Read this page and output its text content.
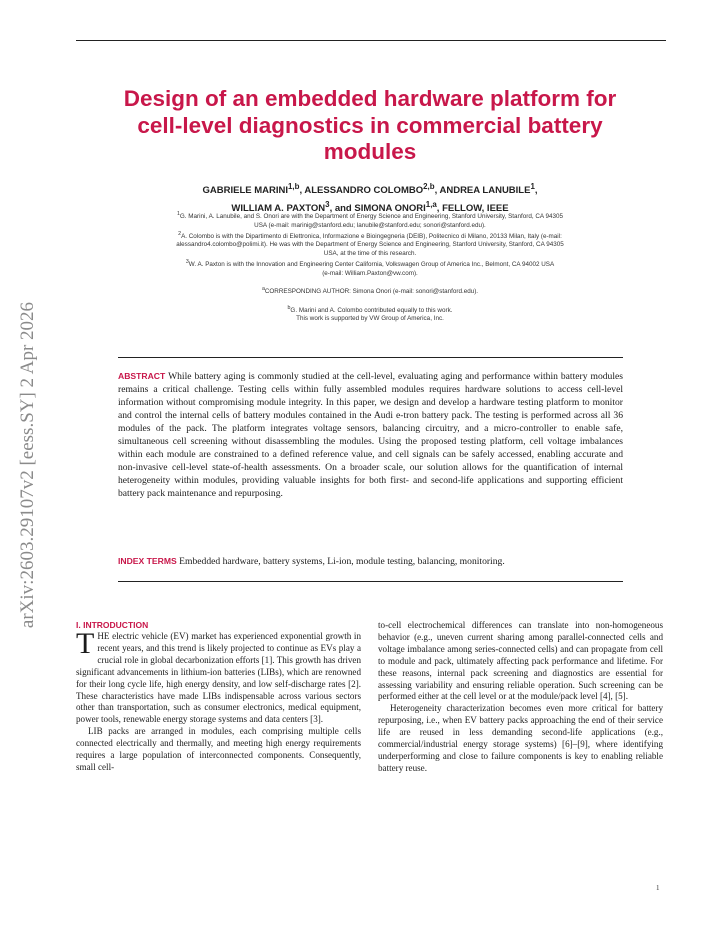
arXiv:2603.29107v2 [eess.SY] 2 Apr 2026
Design of an embedded hardware platform for cell-level diagnostics in commercial battery modules
GABRIELE MARINI$^{1,b}$, ALESSANDRO COLOMBO$^{2,b}$, ANDREA LANUBILE$^1$,
WILLIAM A. PAXTON$^3$, and SIMONA ONORI$^{1,a}$, FELLOW, IEEE
$^1$G. Marini, A. Lanubile, and S. Onori are with the Department of Energy Science and Engineering, Stanford University, Stanford, CA 94305
USA (e-mail: marinig@stanford.edu; lanubile@stanford.edu; sonori@stanford.edu).
$^2$A. Colombo is with the Dipartimento di Elettronica, Informazione e Bioingegneria (DEIB), Politecnico di Milano, 20133 Milan, Italy (e-mail:
alessandro4.colombo@polimi.it). He was with the Department of Energy Science and Engineering, Stanford University, Stanford, CA 94305
USA, at the time of this research.
$^3$W. A. Paxton is with the Innovation and Engineering Center California, Volkswagen Group of America Inc., Belmont, CA 94002 USA
(e-mail: William.Paxton@vw.com).
$^a$CORRESPONDING AUTHOR: Simona Onori (e-mail: sonori@stanford.edu).
$^b$G. Marini and A. Colombo contributed equally to this work.
This work is supported by VW Group of America, Inc.
ABSTRACT While battery aging is commonly studied at the cell-level, evaluating aging and performance within battery modules remains a critical challenge. Testing cells within fully assembled modules requires hardware solutions to access cell-level information without compromising module integrity. In this paper, we design and develop a hardware testing platform to monitor and control the internal cells of battery modules contained in the Audi e-tron battery pack. The testing is performed across all 36 modules of the pack. The platform integrates voltage sensors, balancing circuitry, and a micro-controller to enable safe, simultaneous cell screening without disassembling the modules. Using the proposed testing platform, cell voltage imbalances within each module are constrained to a defined reference value, and cell signals can be safely accessed, enabling accurate and non-invasive cell-level state-of-health assessments. On a broader scale, our solution allows for the quantification of internal heterogeneity within modules, providing valuable insights for both first- and second-life applications and supporting efficient battery pack maintenance and repurposing.
INDEX TERMS Embedded hardware, battery systems, Li-ion, module testing, balancing, monitoring.

I. INTRODUCTION

THE electric vehicle (EV) market has experienced exponential growth in recent years, and this trend is likely projected to continue as EVs play a crucial role in global decarbonization efforts [1]. This growth has driven significant advancements in lithium-ion batteries (LIBs), which are renowned for their long cycle life, high energy density, and low self-discharge rates [2]. These characteristics have made LIBs indispensable across various sectors other than transportation, such as consumer electronics, medical equipment, power tools, renewable energy storage systems and data centers [3].

LIB packs are arranged in modules, each comprising multiple cells connected electrically and thermally, and meeting high energy requirements requires a large population of interconnected components. Consequently, small cell-

to-cell electrochemical differences can translate into non-homogeneous behavior (e.g., uneven current sharing among parallel-connected cells and voltage imbalance among series-connected cells) and can propagate from cell to module and pack, ultimately affecting pack performance and lifetime. For these reasons, internal pack screening and diagnostics are essential for assessing variability and ensuring reliable operation. Such screening can be performed either at the cell level or at the module/pack level [4], [5].

Heterogeneity characterization becomes even more critical for battery repurposing, i.e., when EV battery packs approaching the end of their service life are reused in less demanding second-life applications (e.g., commercial/industrial energy storage systems) [6]–[9], where identifying underperforming and close to failure components is key to enabling reliable battery reuse.

1
